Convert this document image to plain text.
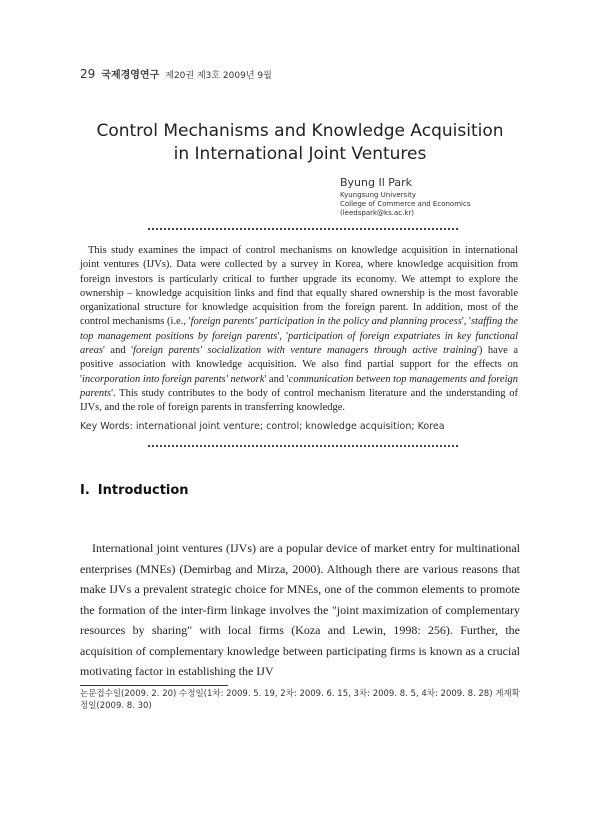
29 국제경영연구 제20권 제3호 2009년 9월
Control Mechanisms and Knowledge Acquisition
in International Joint Ventures
Byung Il Park
Kyungsung University
College of Commerce and Economics
(leedspark@ks.ac.kr)

This study examines the impact of control mechanisms on knowledge acquisition in international joint ventures (IJVs). Data were collected by a survey in Korea, where knowledge acquisition from foreign investors is particularly critical to further upgrade its economy. We attempt to explore the ownership – knowledge acquisition links and find that equally shared ownership is the most favorable organizational structure for knowledge acquisition from the foreign parent. In addition, most of the control mechanisms (i.e., 'foreign parents' participation in the policy and planning process', 'staffing the top management positions by foreign parents', 'participation of foreign expatriates in key functional areas' and 'foreign parents' socialization with venture managers through active training') have a positive association with knowledge acquisition. We also find partial support for the effects on 'incorporation into foreign parents' network' and 'communication between top managements and foreign parents'. This study contributes to the body of control mechanism literature and the understanding of IJVs, and the role of foreign parents in transferring knowledge.

Key Words: international joint venture; control; knowledge acquisition; Korea
Ⅰ. Introduction

International joint ventures (IJVs) are a popular device of market entry for multinational enterprises (MNEs) (Demirbag and Mirza, 2000). Although there are various reasons that make IJVs a prevalent strategic choice for MNEs, one of the common elements to promote the formation of the inter-firm linkage involves the "joint maximization of complementary resources by sharing" with local firms (Koza and Lewin, 1998: 256). Further, the acquisition of complementary knowledge between participating firms is known as a crucial motivating factor in establishing the IJV

논문접수일(2009. 2. 20) 수정일(1차: 2009. 5. 19, 2차: 2009. 6. 15, 3차: 2009. 8. 5, 4차: 2009. 8. 28) 게재확정일(2009. 8. 30)
